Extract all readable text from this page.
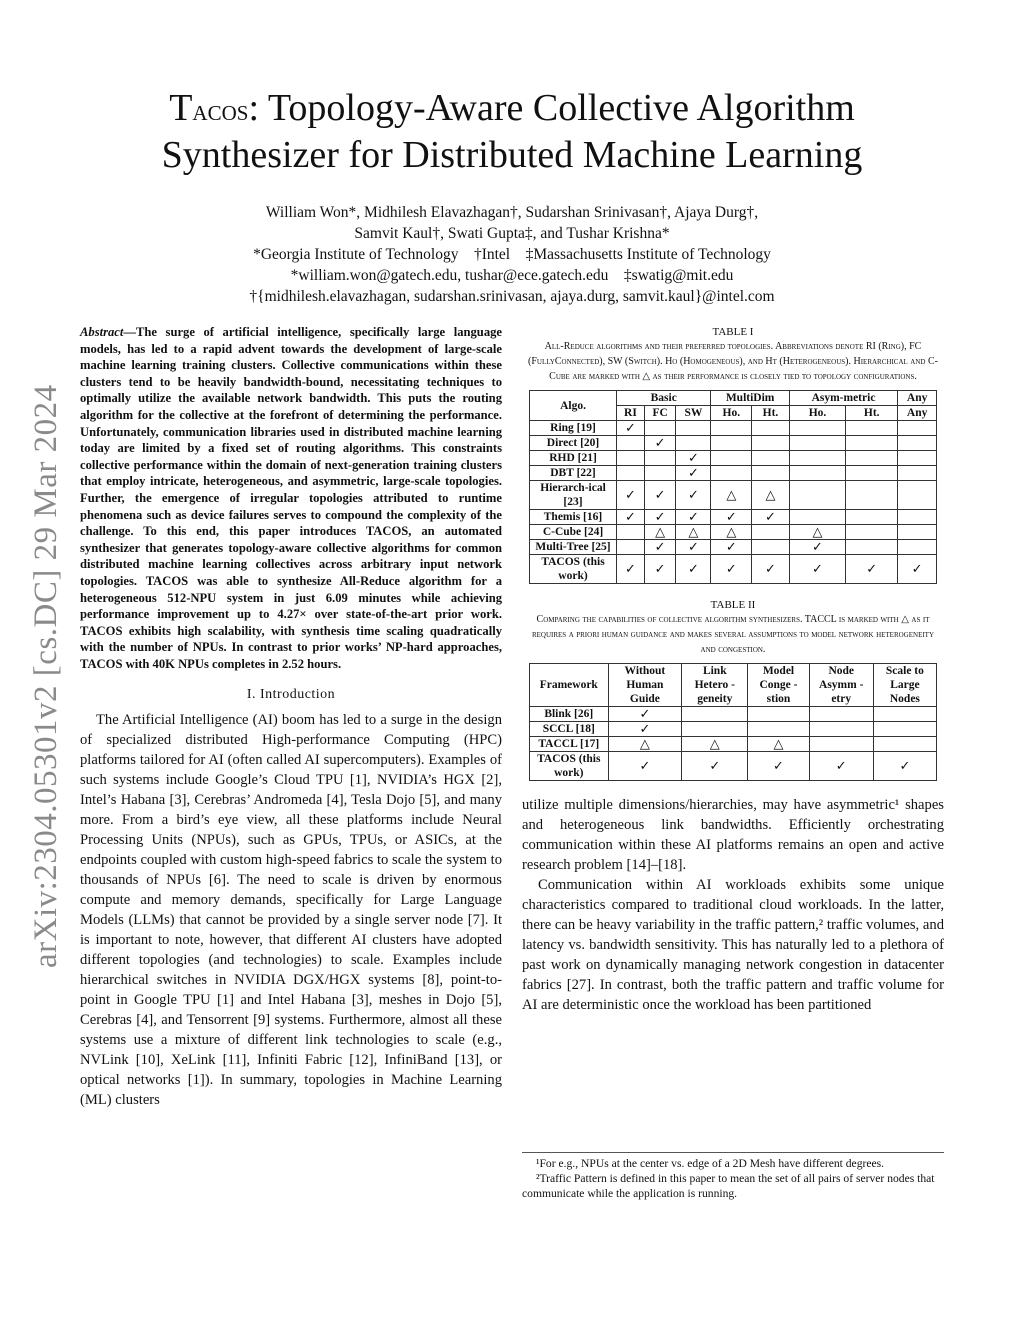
arXiv:2304.05301v2 [cs.DC] 29 Mar 2024
Tacos: Topology-Aware Collective Algorithm
Synthesizer for Distributed Machine Learning
William Won*, Midhilesh Elavazhagan†, Sudarshan Srinivasan†, Ajaya Durg†,
Samvit Kaul†, Swati Gupta‡, and Tushar Krishna*
*Georgia Institute of Technology    †Intel    ‡Massachusetts Institute of Technology
*william.won@gatech.edu, tushar@ece.gatech.edu    ‡swatig@mit.edu
†{midhilesh.elavazhagan, sudarshan.srinivasan, ajaya.durg, samvit.kaul}@intel.com
Abstract—The surge of artificial intelligence, specifically large language models, has led to a rapid advent towards the development of large-scale machine learning training clusters. Collective communications within these clusters tend to be heavily bandwidth-bound, necessitating techniques to optimally utilize the available network bandwidth. This puts the routing algorithm for the collective at the forefront of determining the performance. Unfortunately, communication libraries used in distributed machine learning today are limited by a fixed set of routing algorithms. This constraints collective performance within the domain of next-generation training clusters that employ intricate, heterogeneous, and asymmetric, large-scale topologies. Further, the emergence of irregular topologies attributed to runtime phenomena such as device failures serves to compound the complexity of the challenge. To this end, this paper introduces TACOS, an automated synthesizer that generates topology-aware collective algorithms for common distributed machine learning collectives across arbitrary input network topologies. TACOS was able to synthesize All-Reduce algorithm for a heterogeneous 512-NPU system in just 6.09 minutes while achieving performance improvement up to 4.27× over state-of-the-art prior work. TACOS exhibits high scalability, with synthesis time scaling quadratically with the number of NPUs. In contrast to prior works’ NP-hard approaches, TACOS with 40K NPUs completes in 2.52 hours.
I. Introduction

The Artificial Intelligence (AI) boom has led to a surge in the design of specialized distributed High-performance Computing (HPC) platforms tailored for AI (often called AI supercomputers). Examples of such systems include Google’s Cloud TPU [1], NVIDIA’s HGX [2], Intel’s Habana [3], Cerebras’ Andromeda [4], Tesla Dojo [5], and many more. From a bird’s eye view, all these platforms include Neural Processing Units (NPUs), such as GPUs, TPUs, or ASICs, at the endpoints coupled with custom high-speed fabrics to scale the system to thousands of NPUs [6]. The need to scale is driven by enormous compute and memory demands, specifically for Large Language Models (LLMs) that cannot be provided by a single server node [7]. It is important to note, however, that different AI clusters have adopted different topologies (and technologies) to scale. Examples include hierarchical switches in NVIDIA DGX/HGX systems [8], point-to-point in Google TPU [1] and Intel Habana [3], meshes in Dojo [5], Cerebras [4], and Tensorrent [9] systems. Furthermore, almost all these systems use a mixture of different link technologies to scale (e.g., NVLink [10], XeLink [11], Infiniti Fabric [12], InfiniBand [13], or optical networks [1]). In summary, topologies in Machine Learning (ML) clusters

TABLE I
All-Reduce algorithms and their preferred topologies. Abbreviations denote RI (Ring), FC (FullyConnected), SW (Switch). Ho (Homogeneous), and Ht (Heterogeneous). Hierarchical and C-Cube are marked with △ as their performance is closely tied to topology configurations.
Algo.	Basic			MultiDim		Asym-metric		Any
	RI	FC	SW	Ho.	Ht.	Ho.	Ht.	Any
Ring [19]	✓							
Direct [20]		✓						
RHD [21]			✓					
DBT [22]			✓					
Hierarch-ical [23]	✓	✓	✓	△	△			
Themis [16]	✓	✓	✓	✓	✓			
C-Cube [24]		△	△	△		△		
Multi-Tree [25]		✓	✓	✓		✓		
TACOS (this work)	✓	✓	✓	✓	✓	✓	✓	✓
TABLE II
Comparing the capabilities of collective algorithm synthesizers. TACCL is marked with △ as it requires a priori human guidance and makes several assumptions to model network heterogeneity and congestion.
Framework	Without Human Guide	Link Hetero -geneity	Model Conge -stion	Node Asymm -etry	Scale to Large Nodes
Blink [26]	✓				
SCCL [18]	✓				
TACCL [17]	△	△	△		
TACOS (this work)	✓	✓	✓	✓	✓

utilize multiple dimensions/hierarchies, may have asymmetric¹ shapes and heterogeneous link bandwidths. Efficiently orchestrating communication within these AI platforms remains an open and active research problem [14]–[18].

Communication within AI workloads exhibits some unique characteristics compared to traditional cloud workloads. In the latter, there can be heavy variability in the traffic pattern,² traffic volumes, and latency vs. bandwidth sensitivity. This has naturally led to a plethora of past work on dynamically managing network congestion in datacenter fabrics [27]. In contrast, both the traffic pattern and traffic volume for AI are deterministic once the workload has been partitioned

¹For e.g., NPUs at the center vs. edge of a 2D Mesh have different degrees.
²Traffic Pattern is defined in this paper to mean the set of all pairs of server nodes that communicate while the application is running.
